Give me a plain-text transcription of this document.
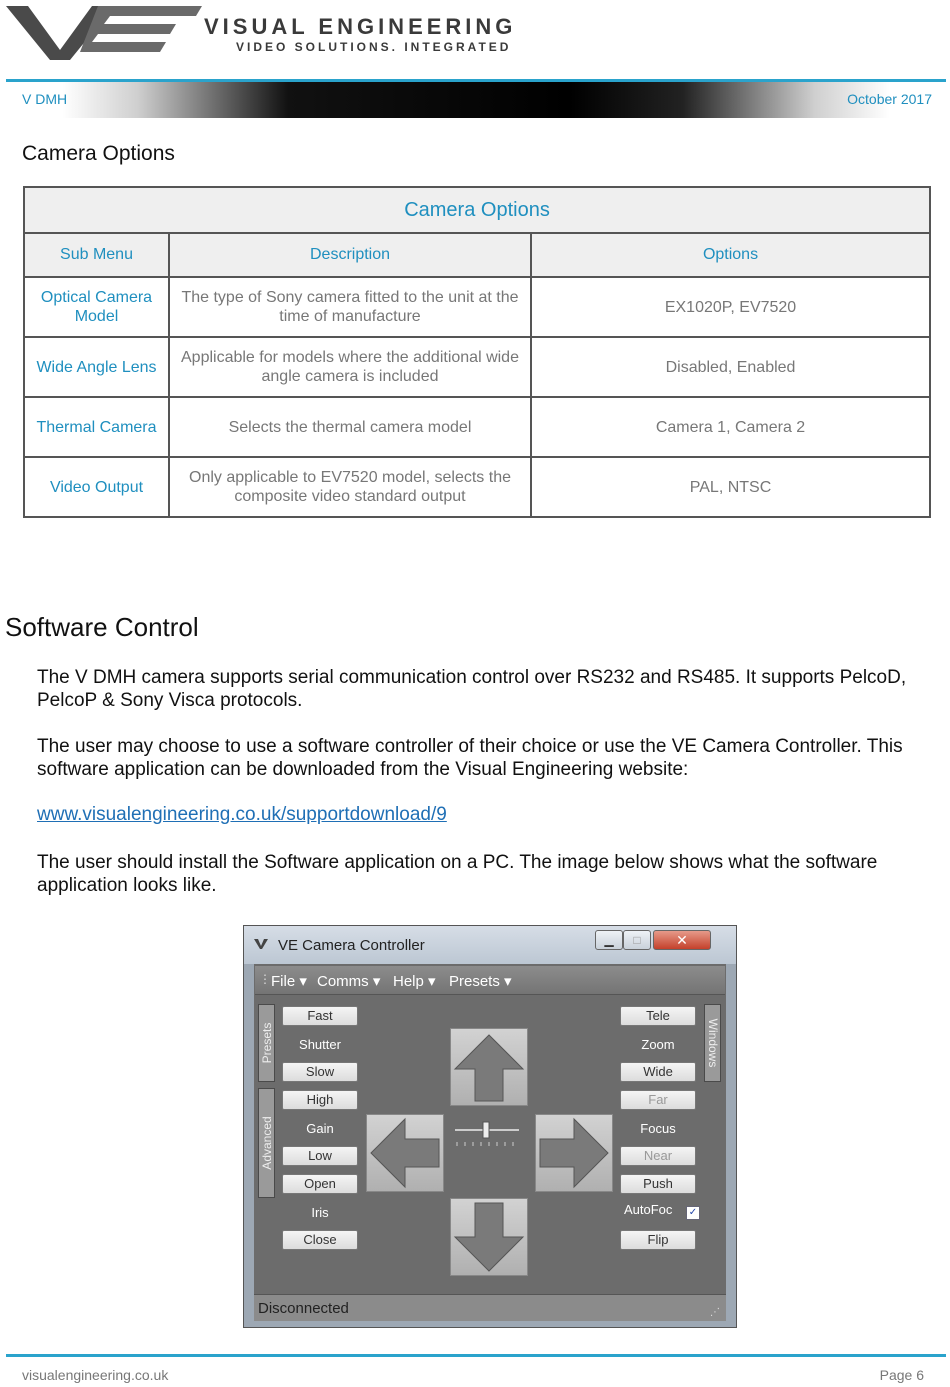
VISUAL ENGINEERING
VIDEO SOLUTIONS. INTEGRATED
V DMH	October 2017
Camera Options
Camera Options		
Sub Menu	Description	Options
Optical Camera Model	The type of Sony camera fitted to the unit at the time of manufacture	EX1020P, EV7520
Wide Angle Lens	Applicable for models where the additional wide angle camera is included	Disabled, Enabled
Thermal Camera	Selects the thermal camera model	Camera 1, Camera 2
Video Output	Only applicable to EV7520 model, selects the composite video standard output	PAL, NTSC
Software Control
The V DMH camera supports serial communication control over RS232 and RS485. It supports PelcoD, PelcoP & Sony Visca protocols.
The user may choose to use a software controller of their choice or use the VE Camera Controller. This software application can be downloaded from the Visual Engineering website:
www.visualengineering.co.uk/supportdownload/9
The user should install the Software application on a PC. The image below shows what the software application looks like.
VE Camera Controller	▁	□	✕
⋮ File ▾ Comms ▾ Help ▾ Presets ▾
Presets
Advanced
Windows
Fast
Shutter
Slow
High
Gain
Low
Open
Iris
Close
Tele
Zoom
Wide
Far
Focus
Near
Push
AutoFoc ✓
Flip
Disconnected	⋰
visualengineering.co.uk	Page 6
